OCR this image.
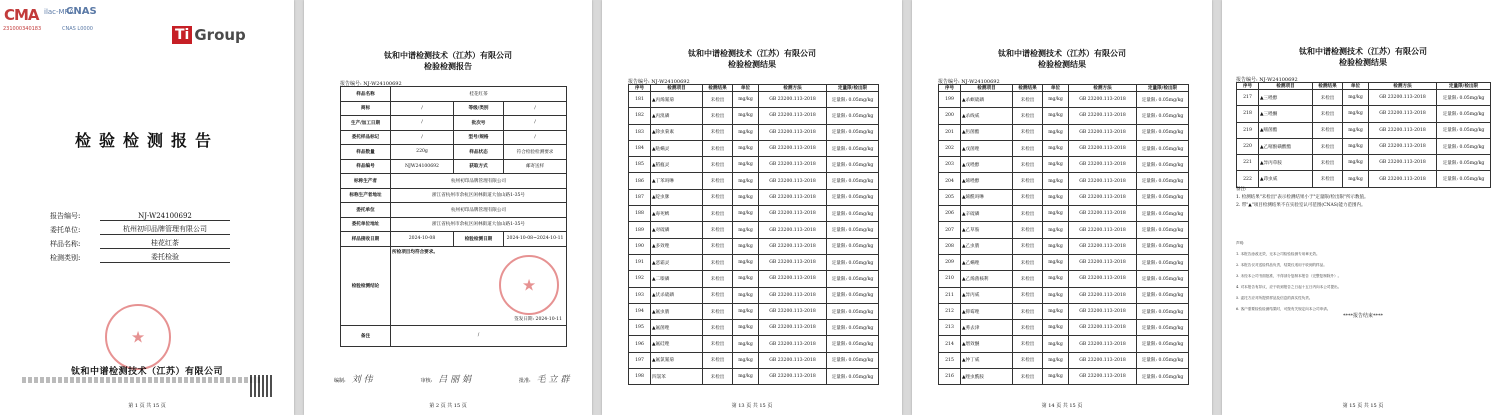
CMA
231000340183
ilac-MRA
CNAS
CNAS L0000	Ti Group
检验检测报告
报告编号:	NJ-W24100692
委托单位:	杭州初印品牌管理有限公司
样品名称:	桂花红茶
检测类别:	委托检验
★
钛和中谱检测技术（江苏）有限公司
第 1 页 共 15 页
钛和中谱检测技术（江苏）有限公司
检验检测报告
报告编号: NJ-W24100692
样品名称	桂花红茶		
商标	/	等级/类别	/
生产/加工日期	/	批次号	/
委托样品标记	/	型号/规格	/
样品数量	220g	样品状态	符合检验检测要求
样品编号	NJW24100692	获取方式	邮寄送样
标称生产者	杭州初印品牌管理有限公司		
标称生产者地址	浙江省杭州市余杭区闲林街道大仙山路1-35号		
委托单位	杭州初印品牌管理有限公司		
委托单位地址	浙江省杭州市余杭区闲林街道大仙山路1-35号		
样品接收日期	2024-10-08	检验检测日期	2024-10-08~2024-10-11
检验检测结论	所检项目均符合要求。
★
签发日期: 2024-10-11		

备注	/		
编制: 刘 伟	审核: 吕 丽 娟	批准: 毛 立 群
第 2 页 共 15 页
钛和中谱检测技术（江苏）有限公司
检验检测结果
报告编号: NJ-W24100692
序号	检测项目	检测结果	单位	检测方法	定量限/检出限
181	▲丙烯氰菊	未检出	mg/kg	GB 23200.113-2018	定量限: 0.05mg/kg
182	▲丙溴磷	未检出	mg/kg	GB 23200.113-2018	定量限: 0.05mg/kg
183	▲除虫菊素	未检出	mg/kg	GB 23200.113-2018	定量限: 0.05mg/kg
184	▲哒螨灵	未检出	mg/kg	GB 23200.113-2018	定量限: 0.05mg/kg
185	▲稻瘟灵	未检出	mg/kg	GB 23200.113-2018	定量限: 0.05mg/kg
186	▲丁苯吗啉	未检出	mg/kg	GB 23200.113-2018	定量限: 0.05mg/kg
187	▲啶虫脒	未检出	mg/kg	GB 23200.113-2018	定量限: 0.05mg/kg
188	▲毒死蜱	未检出	mg/kg	GB 23200.113-2018	定量限: 0.05mg/kg
189	▲对硫磷	未检出	mg/kg	GB 23200.113-2018	定量限: 0.05mg/kg
190	▲多效唑	未检出	mg/kg	GB 23200.113-2018	定量限: 0.05mg/kg
191	▲恶霜灵	未检出	mg/kg	GB 23200.113-2018	定量限: 0.05mg/kg
192	▲二嗪磷	未检出	mg/kg	GB 23200.113-2018	定量限: 0.05mg/kg
193	▲伏杀硫磷	未检出	mg/kg	GB 23200.113-2018	定量限: 0.05mg/kg
194	▲氟虫腈	未检出	mg/kg	GB 23200.113-2018	定量限: 0.05mg/kg
195	▲氟菌唑	未检出	mg/kg	GB 23200.113-2018	定量限: 0.05mg/kg
196	▲氟硅唑	未检出	mg/kg	GB 23200.113-2018	定量限: 0.05mg/kg
197	▲氟氯氰菊	未检出	mg/kg	GB 23200.113-2018	定量限: 0.05mg/kg
198	四氯苯	未检出	mg/kg	GB 23200.113-2018	定量限: 0.05mg/kg
第 13 页 共 15 页
钛和中谱检测技术（江苏）有限公司
检验检测结果
报告编号: NJ-W24100692
序号	检测项目	检测结果	单位	检测方法	定量限/检出限
199	▲杀螟硫磷	未检出	mg/kg	GB 23200.113-2018	定量限: 0.05mg/kg
200	▲杀线威	未检出	mg/kg	GB 23200.113-2018	定量限: 0.05mg/kg
201	▲肟菌酯	未检出	mg/kg	GB 23200.113-2018	定量限: 0.05mg/kg
202	▲戊菌唑	未检出	mg/kg	GB 23200.113-2018	定量限: 0.05mg/kg
203	▲戊唑醇	未检出	mg/kg	GB 23200.113-2018	定量限: 0.05mg/kg
204	▲烯唑醇	未检出	mg/kg	GB 23200.113-2018	定量限: 0.05mg/kg
205	▲烯酰吗啉	未检出	mg/kg	GB 23200.113-2018	定量限: 0.05mg/kg
206	▲辛硫磷	未检出	mg/kg	GB 23200.113-2018	定量限: 0.05mg/kg
207	▲乙草胺	未检出	mg/kg	GB 23200.113-2018	定量限: 0.05mg/kg
208	▲乙虫腈	未检出	mg/kg	GB 23200.113-2018	定量限: 0.05mg/kg
209	▲乙螨唑	未检出	mg/kg	GB 23200.113-2018	定量限: 0.05mg/kg
210	▲乙烯菌核利	未检出	mg/kg	GB 23200.113-2018	定量限: 0.05mg/kg
211	▲异丙威	未检出	mg/kg	GB 23200.113-2018	定量限: 0.05mg/kg
212	▲抑霉唑	未检出	mg/kg	GB 23200.113-2018	定量限: 0.05mg/kg
213	▲莠去津	未检出	mg/kg	GB 23200.113-2018	定量限: 0.05mg/kg
214	▲增效醚	未检出	mg/kg	GB 23200.113-2018	定量限: 0.05mg/kg
215	▲仲丁威	未检出	mg/kg	GB 23200.113-2018	定量限: 0.05mg/kg
216	▲唑虫酰胺	未检出	mg/kg	GB 23200.113-2018	定量限: 0.05mg/kg
第 14 页 共 15 页
钛和中谱检测技术（江苏）有限公司
检验检测结果
报告编号: NJ-W24100692
序号	检测项目	检测结果	单位	检测方法	定量限/检出限
217	▲三唑醇	未检出	mg/kg	GB 23200.113-2018	定量限: 0.05mg/kg
218	▲三唑酮	未检出	mg/kg	GB 23200.113-2018	定量限: 0.05mg/kg
219	▲嘧菌酯	未检出	mg/kg	GB 23200.113-2018	定量限: 0.05mg/kg
220	▲乙嘧酚磺酸酯	未检出	mg/kg	GB 23200.113-2018	定量限: 0.05mg/kg
221	▲异丙草胺	未检出	mg/kg	GB 23200.113-2018	定量限: 0.05mg/kg
222	▲茚虫威	未检出	mg/kg	GB 23200.113-2018	定量限: 0.05mg/kg
备注:
1. 检测结果"未检出"表示检测结果小于"定量限/检出限"所示数值。
2. 带"▲"项目检测结果不在实验室认可范围(CNAS)能力范围内。
声明:
1. 本报告涂改无效，无本公司检验检测专用章无效。
2. 本报告仅对送检样品负责，结果仅适用于收到的样品。
3. 未经本公司书面批准，不得部分复制本报告（完整复制除外）。
4. 对本报告有异议，应于收到报告之日起十五日内向本公司提出。
5. 委托方应对所提供样品及信息的真实性负责。
6. 客户需要检验检测结果时，可按有关规定向本公司申请。
****报告结束****
第 15 页 共 15 页
